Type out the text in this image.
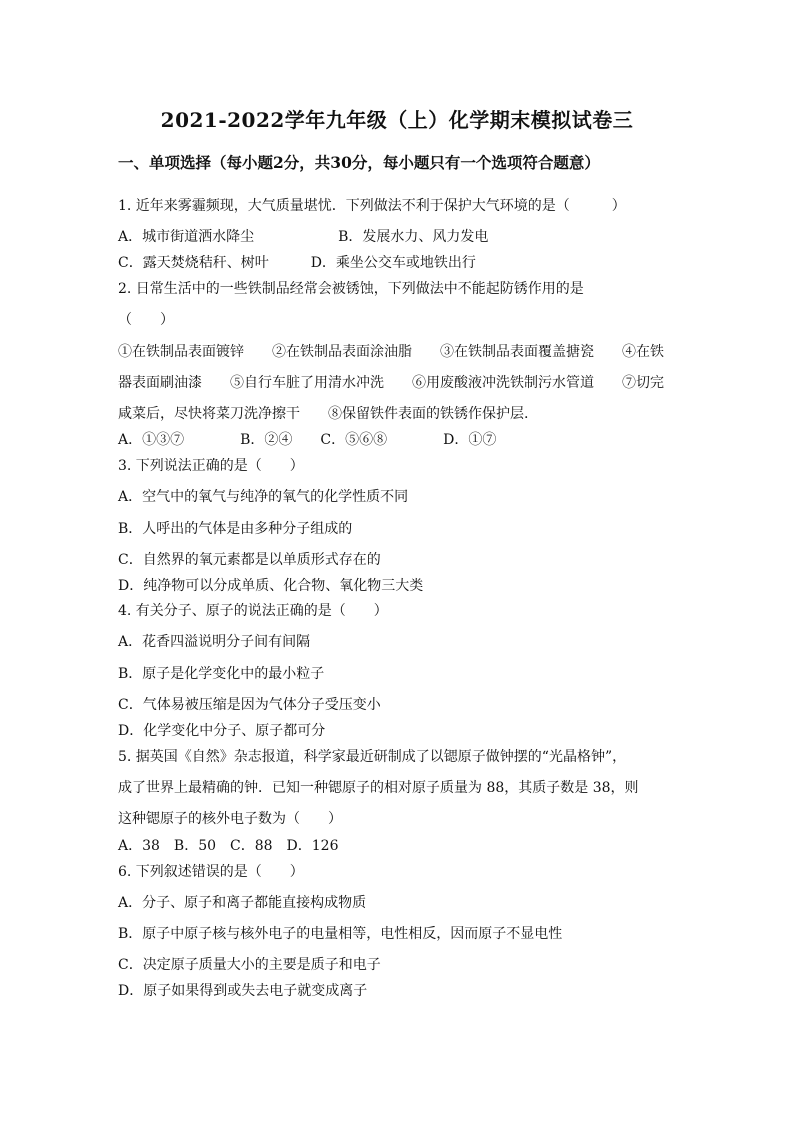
2021-2022学年九年级（上）化学期末模拟试卷三
一、单项选择（每小题2分，共30分，每小题只有一个选项符合题意）
1. 近年来雾霾频现，大气质量堪忧．下列做法不利于保护大气环境的是（　　　）
A．城市街道洒水降尘　　　　　　B．发展水力、风力发电
C．露天焚烧秸秆、树叶　　　D．乘坐公交车或地铁出行
2. 日常生活中的一些铁制品经常会被锈蚀，下列做法中不能起防锈作用的是
（　　）
①在铁制品表面镀锌　　②在铁制品表面涂油脂　　③在铁制品表面覆盖搪瓷　　④在铁
器表面刷油漆　　⑤自行车脏了用清水冲洗　　⑥用废酸液冲洗铁制污水管道　　⑦切完
咸菜后，尽快将菜刀洗净擦干　　⑧保留铁件表面的铁锈作保护层.
A．①③⑦　　　　B．②④　　C．⑤⑥⑧　　　　D．①⑦
3. 下列说法正确的是（　　）
A．空气中的氧气与纯净的氧气的化学性质不同
B．人呼出的气体是由多种分子组成的
C．自然界的氧元素都是以单质形式存在的
D．纯净物可以分成单质、化合物、氧化物三大类
4. 有关分子、原子的说法正确的是（　　）
A．花香四溢说明分子间有间隔
B．原子是化学变化中的最小粒子
C．气体易被压缩是因为气体分子受压变小
D．化学变化中分子、原子都可分
5. 据英国《自然》杂志报道，科学家最近研制成了以锶原子做钟摆的“光晶格钟”，
成了世界上最精确的钟．已知一种锶原子的相对原子质量为 88，其质子数是 38，则
这种锶原子的核外电子数为（　　）
A．38　B．50　C．88　D．126
6. 下列叙述错误的是（　　）
A．分子、原子和离子都能直接构成物质
B．原子中原子核与核外电子的电量相等，电性相反，因而原子不显电性
C．决定原子质量大小的主要是质子和电子
D．原子如果得到或失去电子就变成离子
